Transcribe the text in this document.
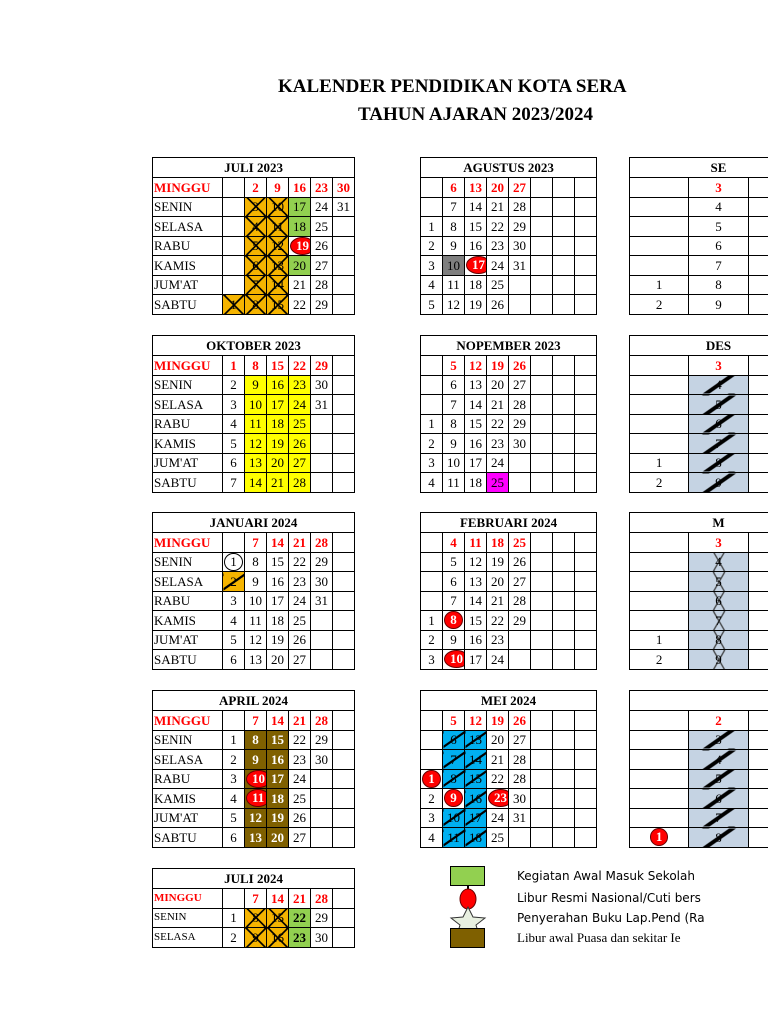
KALENDER PENDIDIKAN KOTA SERA
TAHUN AJARAN 2023/2024
JULI 2023						
MINGGU		2	9	16	23	30
SENIN		3	10	17	24	31
SELASA		4	11	18	25	
RABU		5	12	19	26	
KAMIS		6	13	20	27	
JUM'AT		7	14	21	28	
SABTU	1	8	15	22	29	
AGUSTUS 2023							
	6	13	20	27			
	7	14	21	28			
1	8	15	22	29			
2	9	16	23	30			
3	10	17	24	31			
4	11	18	25				
5	12	19	26				
SE		
	3	
	4	
	5	
	6	
	7	
1	8	
2	9	
OKTOBER 2023						
MINGGU	1	8	15	22	29	
SENIN	2	9	16	23	30	
SELASA	3	10	17	24	31	
RABU	4	11	18	25		
KAMIS	5	12	19	26		
JUM'AT	6	13	20	27		
SABTU	7	14	21	28		
NOPEMBER 2023							
	5	12	19	26			
	6	13	20	27			
	7	14	21	28			
1	8	15	22	29			
2	9	16	23	30			
3	10	17	24				
4	11	18	25				
DES		
	3	
	4	
	5	
	6	
	7	
1	8	
2	9	
JANUARI 2024						
MINGGU		7	14	21	28	
SENIN	1	8	15	22	29	
SELASA	2	9	16	23	30	
RABU	3	10	17	24	31	
KAMIS	4	11	18	25		
JUM'AT	5	12	19	26		
SABTU	6	13	20	27		
FEBRUARI 2024							
	4	11	18	25			
	5	12	19	26			
	6	13	20	27			
	7	14	21	28			
1	8	15	22	29			
2	9	16	23				
3	10	17	24				
M		
	3	
	4	
	5	
	6	
	7	
1	8	
2	9	
APRIL 2024						
MINGGU		7	14	21	28	
SENIN	1	8	15	22	29	
SELASA	2	9	16	23	30	
RABU	3	10	17	24		
KAMIS	4	11	18	25		
JUM'AT	5	12	19	26		
SABTU	6	13	20	27		
MEI 2024							
	5	12	19	26			
	6	13	20	27			
	7	14	21	28			
1	8	15	22	28			
2	9	16	23	30			
3	10	17	24	31			
4	11	18	25				

	2	
	3	
	4	
	5	
	6	
	7	
1	8	
JULI 2024						
MINGGU		7	14	21	28	
SENIN	1	8	15	22	29	
SELASA	2	9	16	23	30	
Kegiatan Awal Masuk Sekolah
Libur Resmi Nasional/Cuti bers
Penyerahan Buku Lap.Pend (Ra
Libur awal Puasa dan sekitar Ie
